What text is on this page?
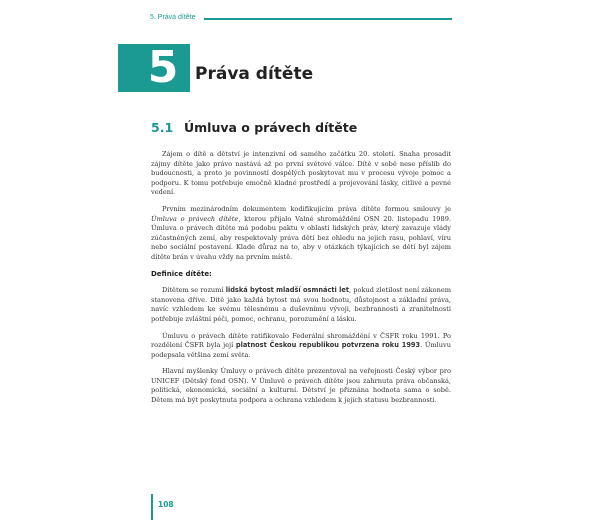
5. Práva dítěte
5 Práva dítěte
5.1 Úmluva o právech dítěte

Zájem o dítě a dětství je intenzivní od samého začátku 20. století. Snaha prosadit zájmy dítěte jako právo nastává až po první světové válce. Dítě v sobě nese příslib do budoucnosti, a proto je povinností dospělých poskytovat mu v procesu vývoje pomoc a podporu. K tomu potřebuje emočně kladné prostředí a projevování lásky, citlivé a pevné vedení.

Prvním mezinárodním dokumentem kodifikujícím práva dítěte formou smlouvy je Úmluva o právech dítěte, kterou přijalo Valné shromáždění OSN 20. listopadu 1989. Úmluva o právech dítěte má podobu paktu v oblasti lidských práv, který zavazuje vlády zúčastněných zemí, aby respektovaly práva dětí bez ohledu na jejich rasu, pohlaví, víru nebo sociální postavení. Klade důraz na to, aby v otázkách týkajících se dětí byl zájem dítěte brán v úvahu vždy na prvním místě.

Definice dítěte:

Dítětem se rozumí lidská bytost mladší osmnácti let, pokud zletilost není zákonem stanovena dříve. Dítě jako každá bytost má svou hodnotu, důstojnost a základní práva, navíc vzhledem ke svému tělesnému a duševnímu vývoji, bezbrannosti a zranitelnosti potřebuje zvláštní péči, pomoc, ochranu, porozumění a lásku.

Úmluvu o právech dítěte ratifikovalo Federální shromáždění v ČSFR roku 1991. Po rozdělení ČSFR byla její platnost Českou republikou potvrzena roku 1993. Úmluvu podepsala většina zemí světa.

Hlavní myšlenky Úmluvy o právech dítěte prezentoval na veřejnosti Český výbor pro UNICEF (Dětský fond OSN). V Úmluvě o právech dítěte jsou zahrnuta práva občanská, politická, ekonomická, sociální a kulturní. Dětství je přiznána hodnota sama o sobě. Dětem má být poskytnuta podpora a ochrana vzhledem k jejich statusu bezbrannosti.

108
